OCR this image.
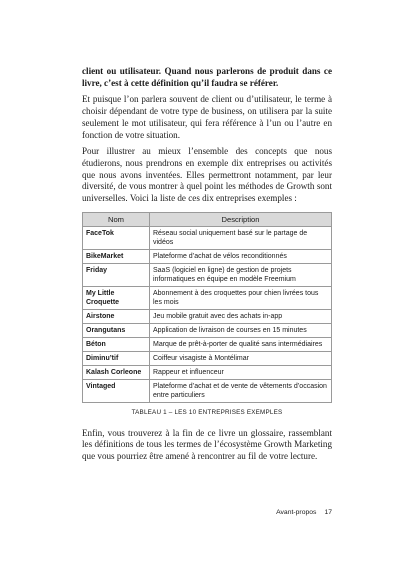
client ou utilisateur. Quand nous parlerons de produit dans ce livre, c’est à cette définition qu’il faudra se référer.

Et puisque l’on parlera souvent de client ou d’utilisateur, le terme à choisir dépendant de votre type de business, on utilisera par la suite seulement le mot utilisateur, qui fera référence à l’un ou l’autre en fonction de votre situation.

Pour illustrer au mieux l’ensemble des concepts que nous étudierons, nous prendrons en exemple dix entreprises ou activités que nous avons inventées. Elles permettront notamment, par leur diversité, de vous montrer à quel point les méthodes de Growth sont universelles. Voici la liste de ces dix entreprises exemples :

Nom	Description
FaceTok	Réseau social uniquement basé sur le partage de vidéos
BikeMarket	Plateforme d’achat de vélos reconditionnés
Friday	SaaS (logiciel en ligne) de gestion de projets informatiques en équipe en modèle Freemium
My Little Croquette	Abonnement à des croquettes pour chien livrées tous les mois
Airstone	Jeu mobile gratuit avec des achats in-app
Orangutans	Application de livraison de courses en 15 minutes
Béton	Marque de prêt-à-porter de qualité sans intermédiaires
Diminu’tif	Coiffeur visagiste à Montélimar
Kalash Corleone	Rappeur et influenceur
Vintaged	Plateforme d’achat et de vente de vêtements d’occasion entre particuliers
TABLEAU 1 – LES 10 ENTREPRISES EXEMPLES

Enfin, vous trouverez à la fin de ce livre un glossaire, rassemblant les définitions de tous les termes de l’écosystème Growth Marketing que vous pourriez être amené à rencontrer au fil de votre lecture.

Avant-propos 17
